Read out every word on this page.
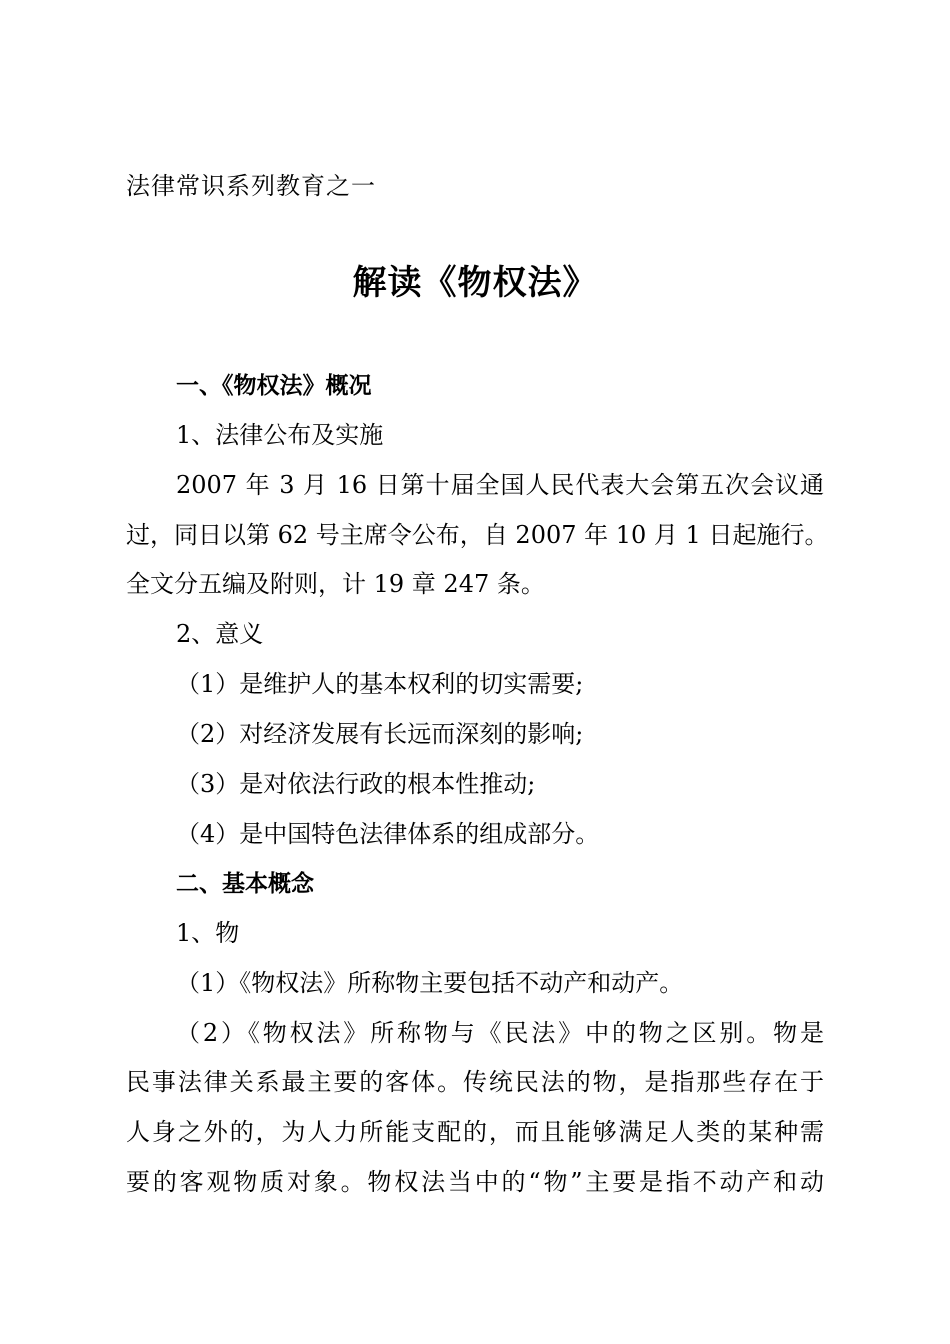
法律常识系列教育之一
解读《物权法》
一、《物权法》概况
1、法律公布及实施
2007 年 3 月 16 日第十届全国人民代表大会第五次会议通
过，同日以第 62 号主席令公布，自 2007 年 10 月 1 日起施行。
全文分五编及附则，计 19 章 247 条。
2、意义
（1）是维护人的基本权利的切实需要;
（2）对经济发展有长远而深刻的影响;
（3）是对依法行政的根本性推动;
（4）是中国特色法律体系的组成部分。
二、基本概念
1、物
（1）《物权法》所称物主要包括不动产和动产。
（2）《物权法》所称物与《民法》中的物之区别。物是
民事法律关系最主要的客体。传统民法的物，是指那些存在于
人身之外的，为人力所能支配的，而且能够满足人类的某种需
要的客观物质对象。物权法当中的“物”主要是指不动产和动
